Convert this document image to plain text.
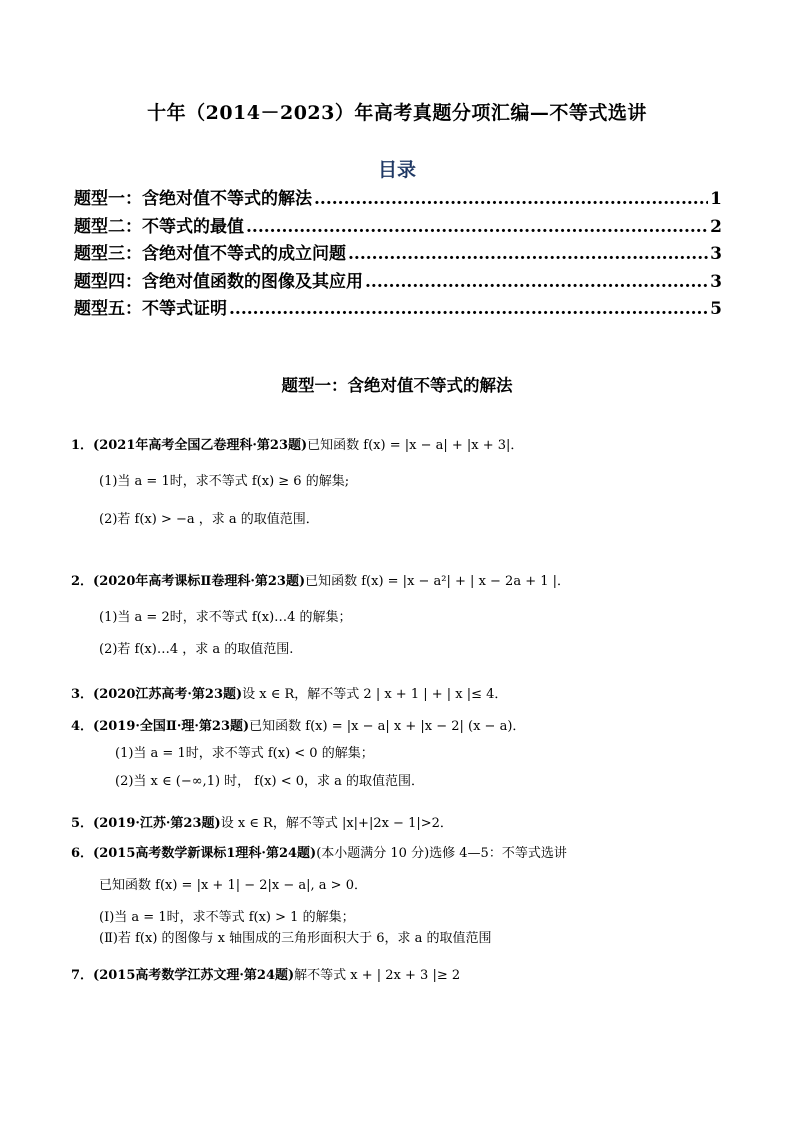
十年（2014－2023）年高考真题分项汇编—不等式选讲
目录
题型一：含绝对值不等式的解法 .....	1
题型二：不等式的最值 .....	2
题型三：含绝对值不等式的成立问题 .....	3
题型四：含绝对值函数的图像及其应用 .....	3
题型五：不等式证明 .....	5
题型一：含绝对值不等式的解法
1．(2021年高考全国乙卷理科·第23题)已知函数 f(x) = |x − a| + |x + 3|．
(1)当 a = 1时，求不等式 f(x) ≥ 6 的解集;
(2)若 f(x) > −a ，求 a 的取值范围．
2．(2020年高考课标Ⅱ卷理科·第23题)已知函数 f(x) = |x − a²| + | x − 2a + 1 |．
(1)当 a = 2时，求不等式 f(x)…4 的解集；
(2)若 f(x)…4 ，求 a 的取值范围.
3．(2020江苏高考·第23题)设 x ∈ R，解不等式 2 | x + 1 | + | x |≤ 4．
4．(2019·全国Ⅱ·理·第23题)已知函数 f(x) = |x − a| x + |x − 2| (x − a)．
(1)当 a = 1时，求不等式 f(x) < 0 的解集；
(2)当 x ∈ (−∞,1) 时， f(x) < 0，求 a 的取值范围．
5．(2019·江苏·第23题)设 x ∈ R，解不等式 |x|+|2x − 1|>2．
6．(2015高考数学新课标1理科·第24题)(本小题满分 10 分)选修 4—5：不等式选讲
已知函数 f(x) = |x + 1| − 2|x − a|, a > 0．
(Ⅰ)当 a = 1时，求不等式 f(x) > 1 的解集；
(Ⅱ)若 f(x) 的图像与 x 轴围成的三角形面积大于 6，求 a 的取值范围
7．(2015高考数学江苏文理·第24题)解不等式 x + | 2x + 3 |≥ 2
